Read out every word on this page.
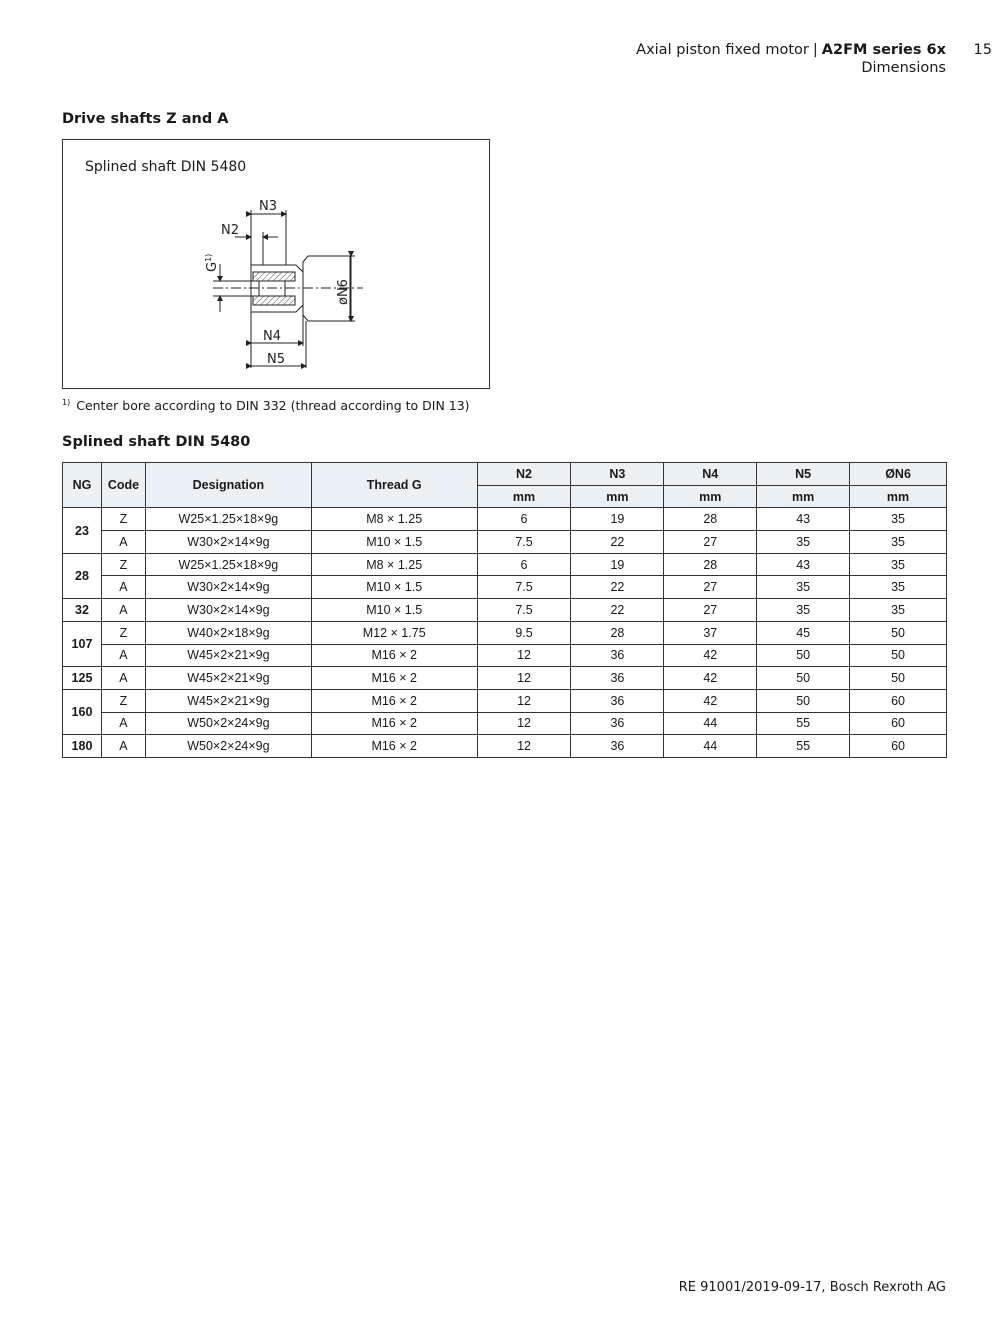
Axial piston fixed motor | A2FM series 6x	15
Dimensions
Drive shafts Z and A
Splined shaft DIN 5480
N3
N2
$G^{1)}$
øN6
N4
N5
$^{1)}$ Center bore according to DIN 332 (thread according to DIN 13)
Splined shaft DIN 5480
NG	Code	Designation	Thread G	N2	N3	N4	N5	ØN6
				mm	mm	mm	mm	mm
23	Z	W25×1.25×18×9g	M8 × 1.25	6	19	28	43	35
	A	W30×2×14×9g	M10 × 1.5	7.5	22	27	35	35
28	Z	W25×1.25×18×9g	M8 × 1.25	6	19	28	43	35
	A	W30×2×14×9g	M10 × 1.5	7.5	22	27	35	35
32	A	W30×2×14×9g	M10 × 1.5	7.5	22	27	35	35
107	Z	W40×2×18×9g	M12 × 1.75	9.5	28	37	45	50
	A	W45×2×21×9g	M16 × 2	12	36	42	50	50
125	A	W45×2×21×9g	M16 × 2	12	36	42	50	50
160	Z	W45×2×21×9g	M16 × 2	12	36	42	50	60
	A	W50×2×24×9g	M16 × 2	12	36	44	55	60
180	A	W50×2×24×9g	M16 × 2	12	36	44	55	60
RE 91001/2019-09-17, Bosch Rexroth AG
